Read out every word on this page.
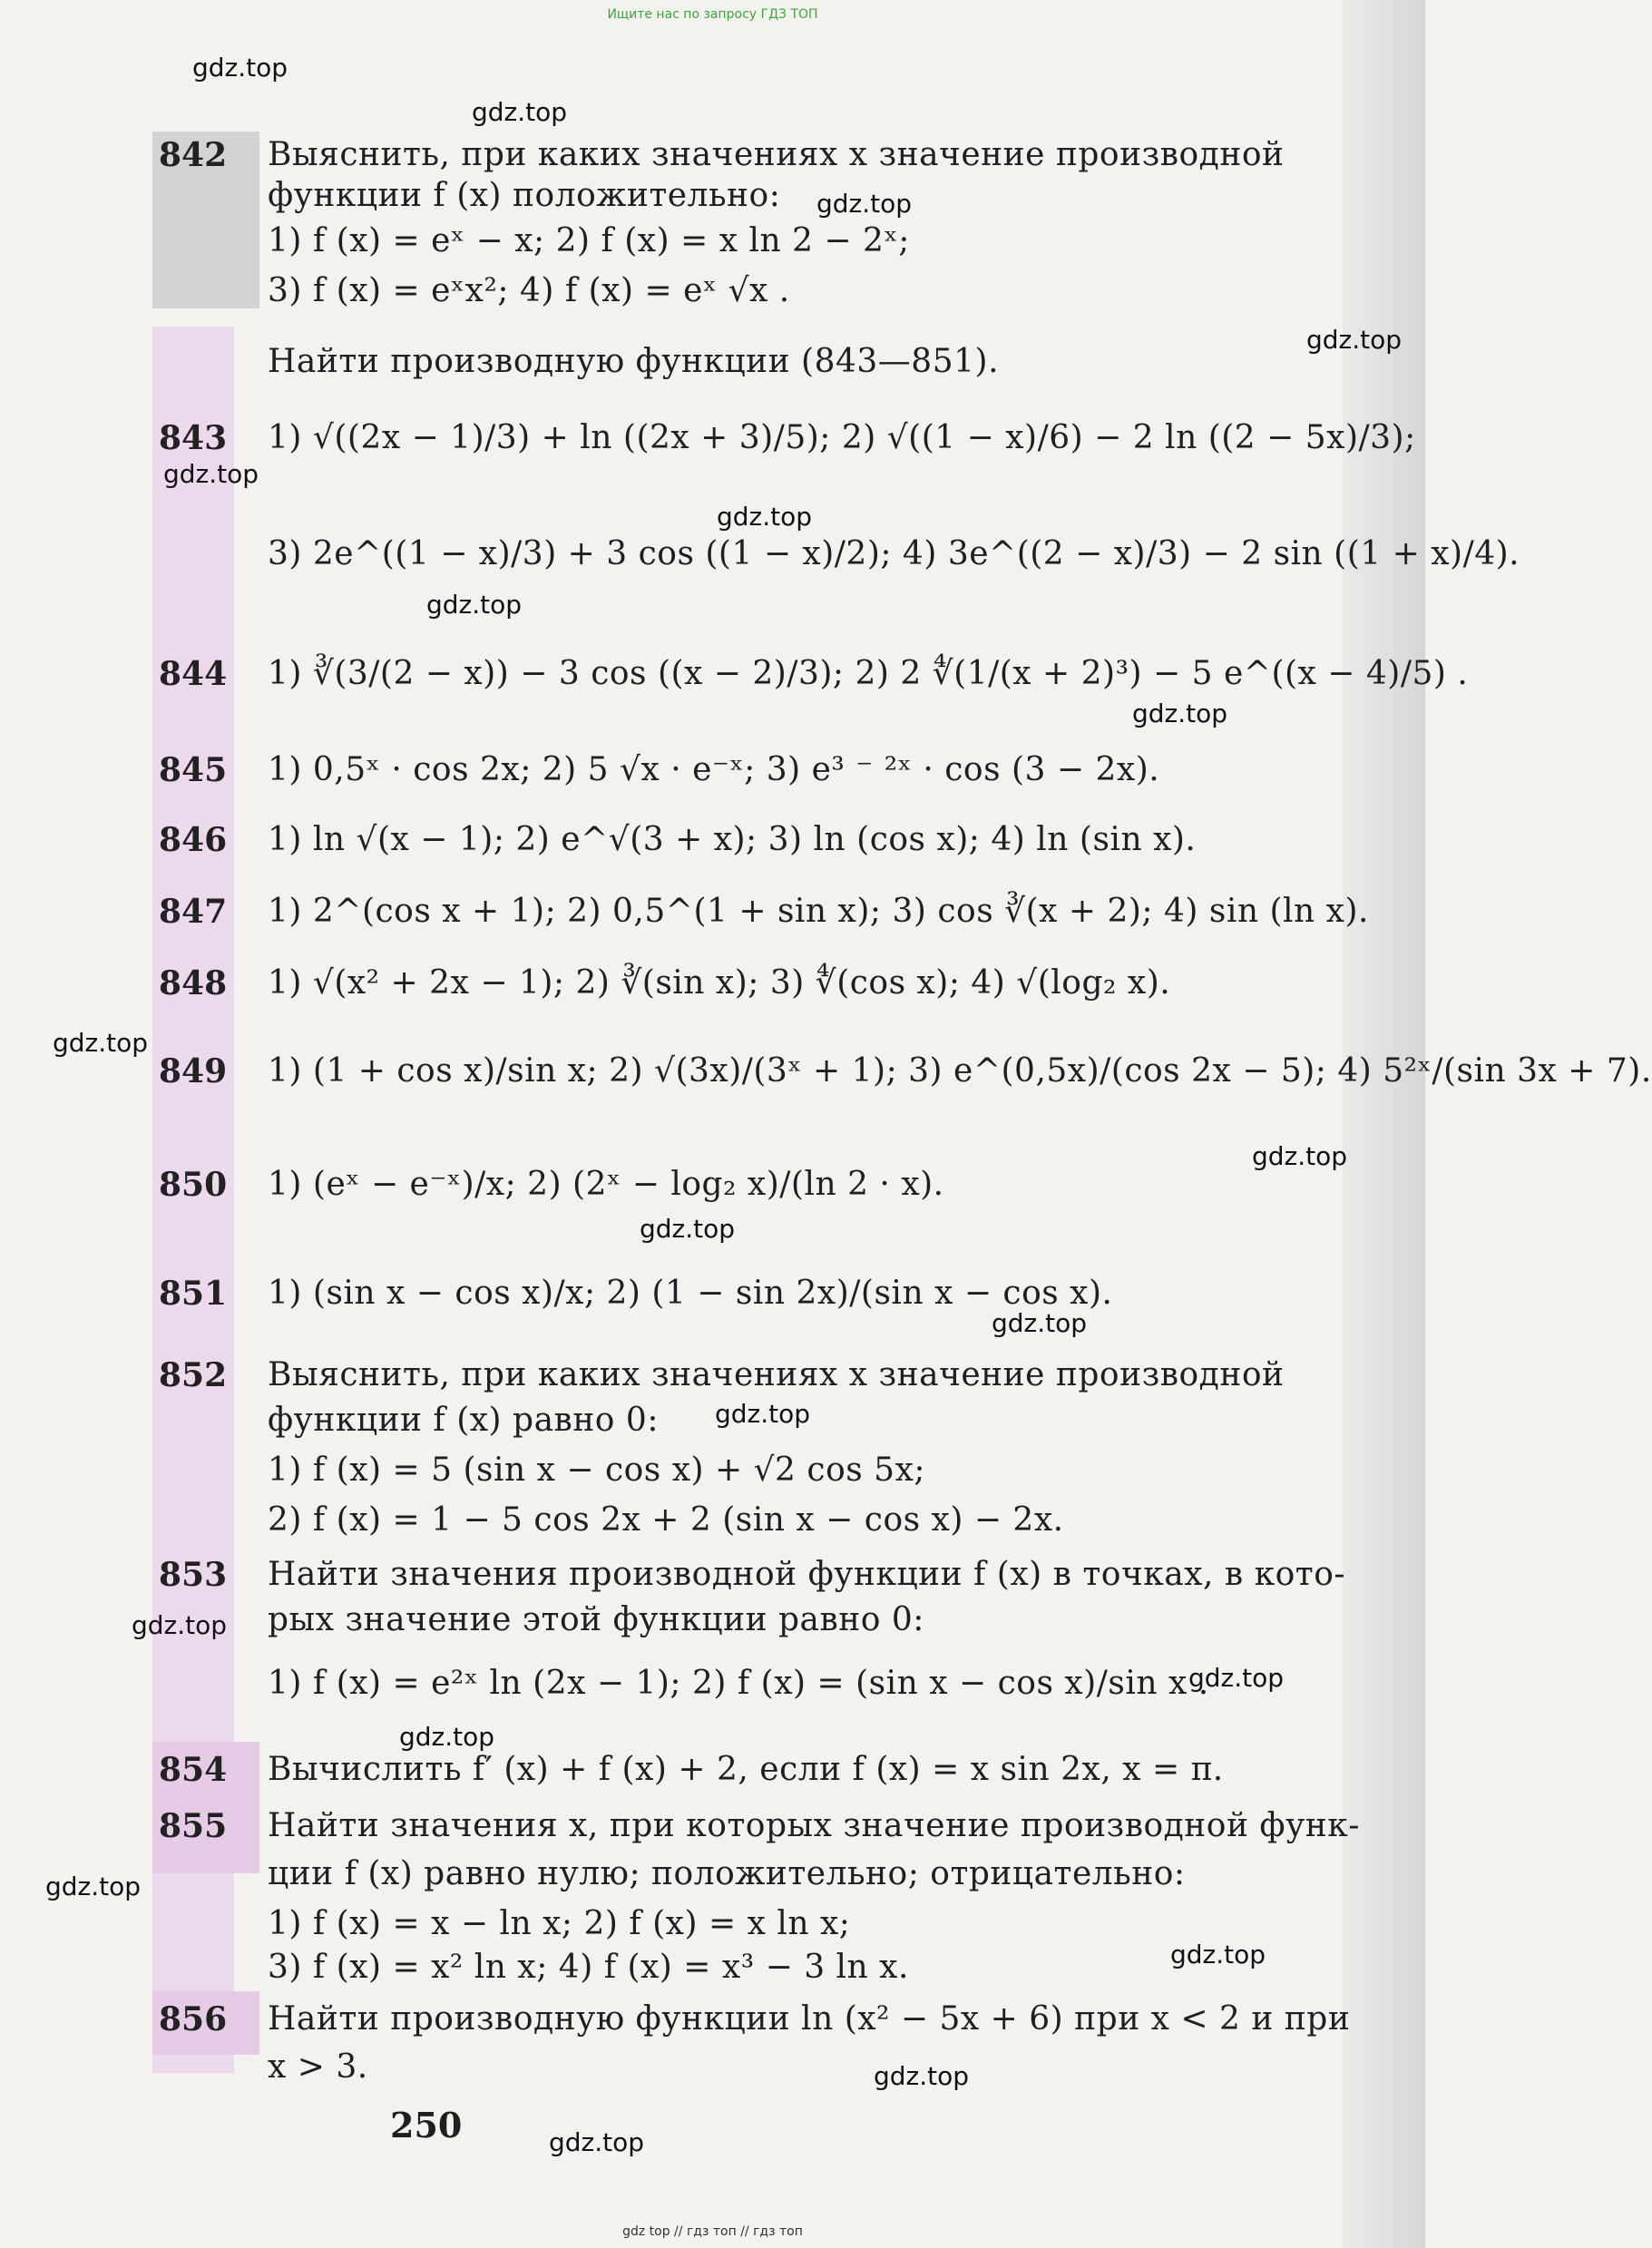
Ищите нас по запросу ГДЗ ТОП
gdz.top
gdz.top
gdz.top
gdz.top
gdz.top
gdz.top
gdz.top
gdz.top
gdz.top
gdz.top
gdz.top
gdz.top
gdz.top
gdz.top
gdz.top
gdz.top
gdz.top
gdz.top
gdz.top
842 Выяснить, при каких значениях x значение производной
функции f (x) положительно:
1) f (x) = eˣ − x; 2) f (x) = x ln 2 − 2ˣ;
3) f (x) = eˣx²; 4) f (x) = eˣ √x .
Найти производную функции (843—851).
843 1) √((2x − 1)/3) + ln ((2x + 3)/5); 2) √((1 − x)/6) − 2 ln ((2 − 5x)/3);
3) 2e^((1 − x)/3) + 3 cos ((1 − x)/2); 4) 3e^((2 − x)/3) − 2 sin ((1 + x)/4).
844 1) ∛(3/(2 − x)) − 3 cos ((x − 2)/3); 2) 2 ∜(1/(x + 2)³) − 5 e^((x − 4)/5) .
845 1) 0,5ˣ · cos 2x; 2) 5 √x · e⁻ˣ; 3) e³ ⁻ ²ˣ · cos (3 − 2x).
846 1) ln √(x − 1); 2) e^√(3 + x); 3) ln (cos x); 4) ln (sin x).
847 1) 2^(cos x + 1); 2) 0,5^(1 + sin x); 3) cos ∛(x + 2); 4) sin (ln x).
848 1) √(x² + 2x − 1); 2) ∛(sin x); 3) ∜(cos x); 4) √(log₂ x).
849 1) (1 + cos x)/sin x; 2) √(3x)/(3ˣ + 1); 3) e^(0,5x)/(cos 2x − 5); 4) 5²ˣ/(sin 3x + 7).
850 1) (eˣ − e⁻ˣ)/x; 2) (2ˣ − log₂ x)/(ln 2 · x).
851 1) (sin x − cos x)/x; 2) (1 − sin 2x)/(sin x − cos x).
852 Выяснить, при каких значениях x значение производной
функции f (x) равно 0:
1) f (x) = 5 (sin x − cos x) + √2 cos 5x;
2) f (x) = 1 − 5 cos 2x + 2 (sin x − cos x) − 2x.
853 Найти значения производной функции f (x) в точках, в кото-
рых значение этой функции равно 0:
1) f (x) = e²ˣ ln (2x − 1); 2) f (x) = (sin x − cos x)/sin x .
854 Вычислить f′ (x) + f (x) + 2, если f (x) = x sin 2x, x = π.
855 Найти значения x, при которых значение производной функ-
ции f (x) равно нулю; положительно; отрицательно:
1) f (x) = x − ln x; 2) f (x) = x ln x;
3) f (x) = x² ln x; 4) f (x) = x³ − 3 ln x.
856 Найти производную функции ln (x² − 5x + 6) при x < 2 и при
x > 3.
250	gdz.top
gdz top // гдз топ // гдз топ
